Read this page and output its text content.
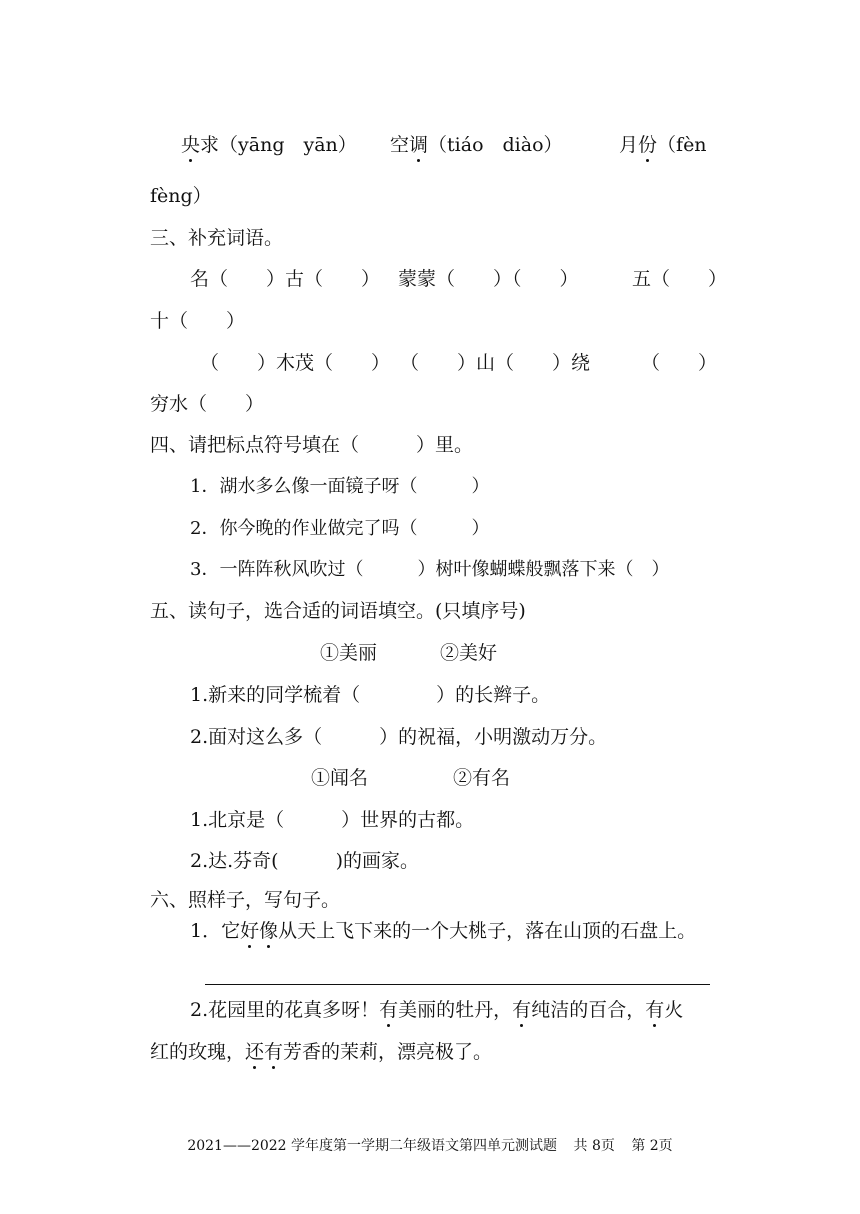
央求（yāng　yān） 空调（tiáo　diào）	月份（fèn
fèng）
三、补充词语。
名（　　）古（　　） 蒙蒙（　　）（　　）	五（　　）
十（　　）
（　　）木茂（　　） （　　）山（　　）绕	（　　）
穷水（　　）
四、请把标点符号填在（　　　）里。
1．湖水多么像一面镜子呀（　　　）
2．你今晚的作业做完了吗（　　　）
3．一阵阵秋风吹过（　　　）树叶像蝴蝶般飘落下来（　）
五、读句子，选合适的词语填空。(只填序号)
①美丽	②美好
1.新来的同学梳着（　　　　）的长辫子。
2.面对这么多（　　　）的祝福，小明激动万分。
①闻名	②有名
1.北京是（　　　）世界的古都。
2.达.芬奇(　　　)的画家。
六、照样子，写句子。
1．它好像从天上飞下来的一个大桃子，落在山顶的石盘上。
2.花园里的花真多呀！有美丽的牡丹，有纯洁的百合，有火
红的玫瑰，还有芳香的茉莉，漂亮极了。
2021——2022 学年度第一学期二年级语文第四单元测试题 共 8页 第 2页
